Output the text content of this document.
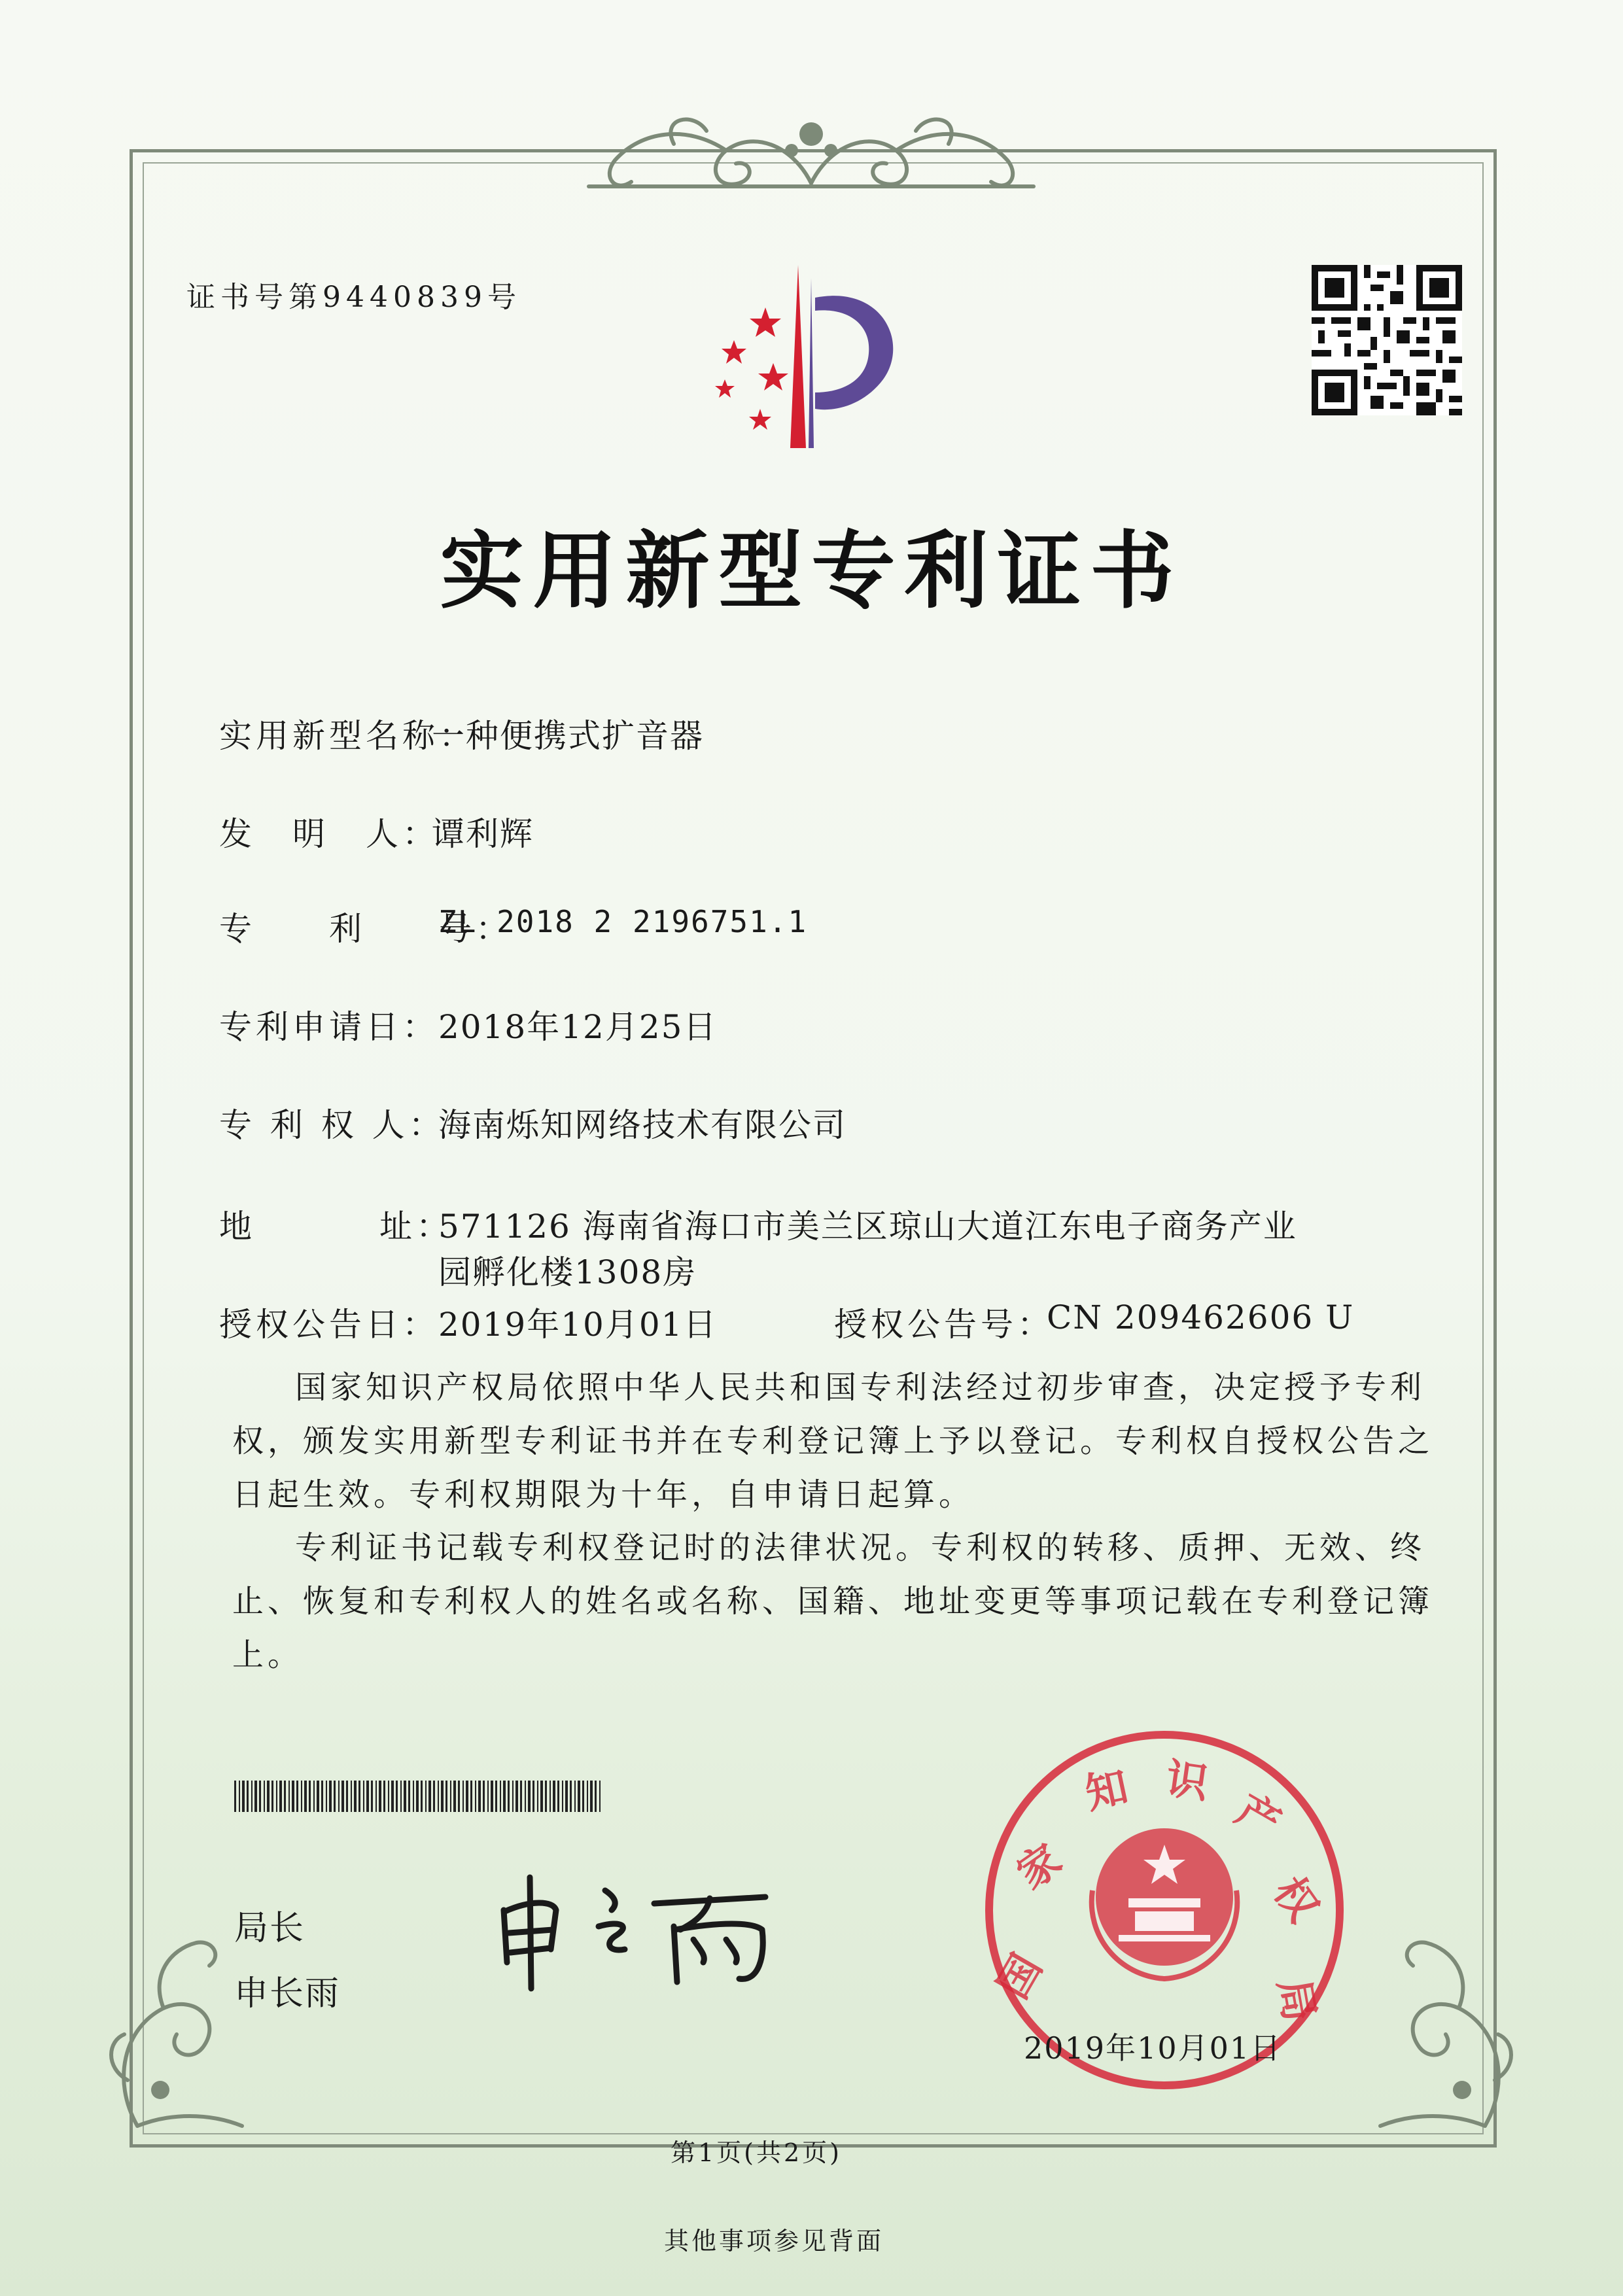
证书号第9440839号
实用新型专利证书
实用新型名称：
一种便携式扩音器
发　明　人：
谭利辉
专　　利　　号：
ZL 2018 2 2196751.1
专利申请日： 2018年12月25日
专 利 权 人：
海南烁知网络技术有限公司
地	址：
571126 海南省海口市美兰区琼山大道江东电子商务产业
园孵化楼1308房
授权公告日： 2019年10月01日	授权公告号：
CN 209462606 U
国家知识产权局依照中华人民共和国专利法经过初步审查，决定授予专利权，颁发实用新型专利证书并在专利登记簿上予以登记。专利权自授权公告之日起生效。专利权期限为十年，自申请日起算。
专利证书记载专利权登记时的法律状况。专利权的转移、质押、无效、终止、恢复和专利权人的姓名或名称、国籍、地址变更等事项记载在专利登记簿上。
局长
申长雨	国
家
知 识
产
权
局
2019年10月01日
第1页(共2页)
其他事项参见背面
